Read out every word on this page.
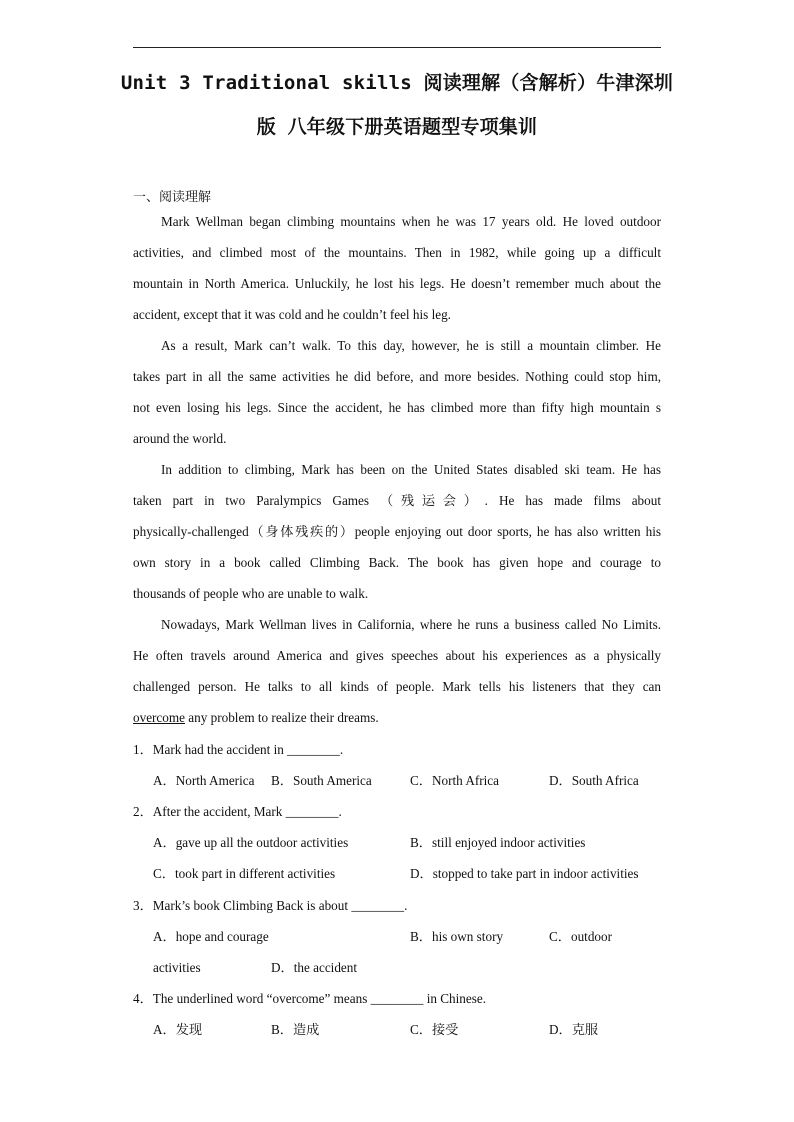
Unit 3 Traditional skills 阅读理解（含解析）牛津深圳
版 八年级下册英语题型专项集训
一、阅读理解
Mark Wellman began climbing mountains when he was 17 years old. He loved outdoor
activities, and climbed most of the mountains. Then in 1982, while going up a difficult
mountain in North America. Unluckily, he lost his legs. He doesn’t remember much about the
accident, except that it was cold and he couldn’t feel his leg.
As a result, Mark can’t walk. To this day, however, he is still a mountain climber. He
takes part in all the same activities he did before, and more besides. Nothing could stop him,
not even losing his legs. Since the accident, he has climbed more than fifty high mountain s
around the world.
In addition to climbing, Mark has been on the United States disabled ski team. He has
taken part in two Paralympics Games （残运会）. He has made films about
physically-challenged（身体残疾的）people enjoying out door sports, he has also written his
own story in a book called Climbing Back. The book has given hope and courage to
thousands of people who are unable to walk.
Nowadays, Mark Wellman lives in California, where he runs a business called No Limits.
He often travels around America and gives speeches about his experiences as a physically
challenged person. He talks to all kinds of people. Mark tells his listeners that they can
overcome any problem to realize their dreams.
1．Mark had the accident in ________.
A．North America B．South America	C．North Africa	D．South Africa
2．After the accident, Mark ________.
A．gave up all the outdoor activities	B．still enjoyed indoor activities
C．took part in different activities	D．stopped to take part in indoor activities
3．Mark’s book Climbing Back is about ________.
A．hope and courage	B．his own story	C．outdoor
activities	D．the accident
4．The underlined word “overcome” means ________ in Chinese.
A．发现	B．造成	C．接受	D．克服
